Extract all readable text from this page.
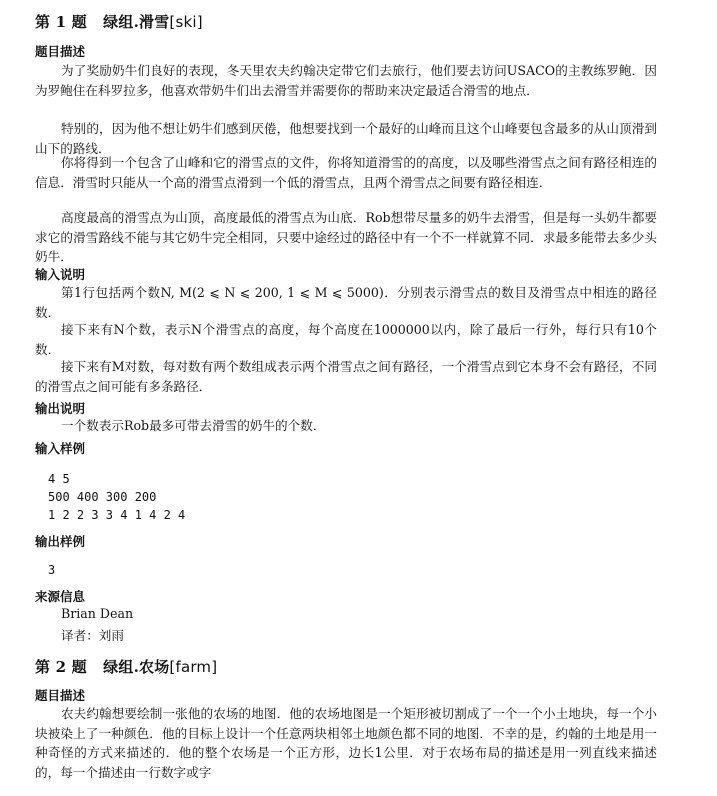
第 1 题 绿组.滑雪[ski]
题目描述
为了奖励奶牛们良好的表现，冬天里农夫约翰决定带它们去旅行，他们要去访问USACO的主教练罗鲍．因为罗鲍住在科罗拉多，他喜欢带奶牛们出去滑雪并需要你的帮助来决定最适合滑雪的地点．
特别的，因为他不想让奶牛们感到厌倦，他想要找到一个最好的山峰而且这个山峰要包含最多的从山顶滑到山下的路线．
你将得到一个包含了山峰和它的滑雪点的文件，你将知道滑雪的的高度，以及哪些滑雪点之间有路径相连的信息．滑雪时只能从一个高的滑雪点滑到一个低的滑雪点，且两个滑雪点之间要有路径相连．
高度最高的滑雪点为山顶，高度最低的滑雪点为山底．Rob想带尽量多的奶牛去滑雪，但是每一头奶牛都要求它的滑雪路线不能与其它奶牛完全相同，只要中途经过的路径中有一个不一样就算不同．求最多能带去多少头奶牛．
输入说明
第1行包括两个数N, M(2 ⩽ N ⩽ 200, 1 ⩽ M ⩽ 5000)．分别表示滑雪点的数目及滑雪点中相连的路径数．
接下来有N个数，表示N个滑雪点的高度，每个高度在1000000以内，除了最后一行外，每行只有10个数．
接下来有M对数，每对数有两个数组成表示两个滑雪点之间有路径，一个滑雪点到它本身不会有路径，不同的滑雪点之间可能有多条路径．
输出说明
一个数表示Rob最多可带去滑雪的奶牛的个数．
输入样例
4 5
500 400 300 200
1 2 2 3 3 4 1 4 2 4
输出样例
3
来源信息
Brian Dean
译者：刘雨
第 2 题 绿组.农场[farm]
题目描述
农夫约翰想要绘制一张他的农场的地图．他的农场地图是一个矩形被切割成了一个一个小土地块，每一个小块被染上了一种颜色．他的目标上设计一个任意两块相邻土地颜色都不同的地图．不幸的是，约翰的土地是用一种奇怪的方式来描述的．他的整个农场是一个正方形，边长1公里．对于农场布局的描述是用一列直线来描述的，每一个描述由一行数字或字
